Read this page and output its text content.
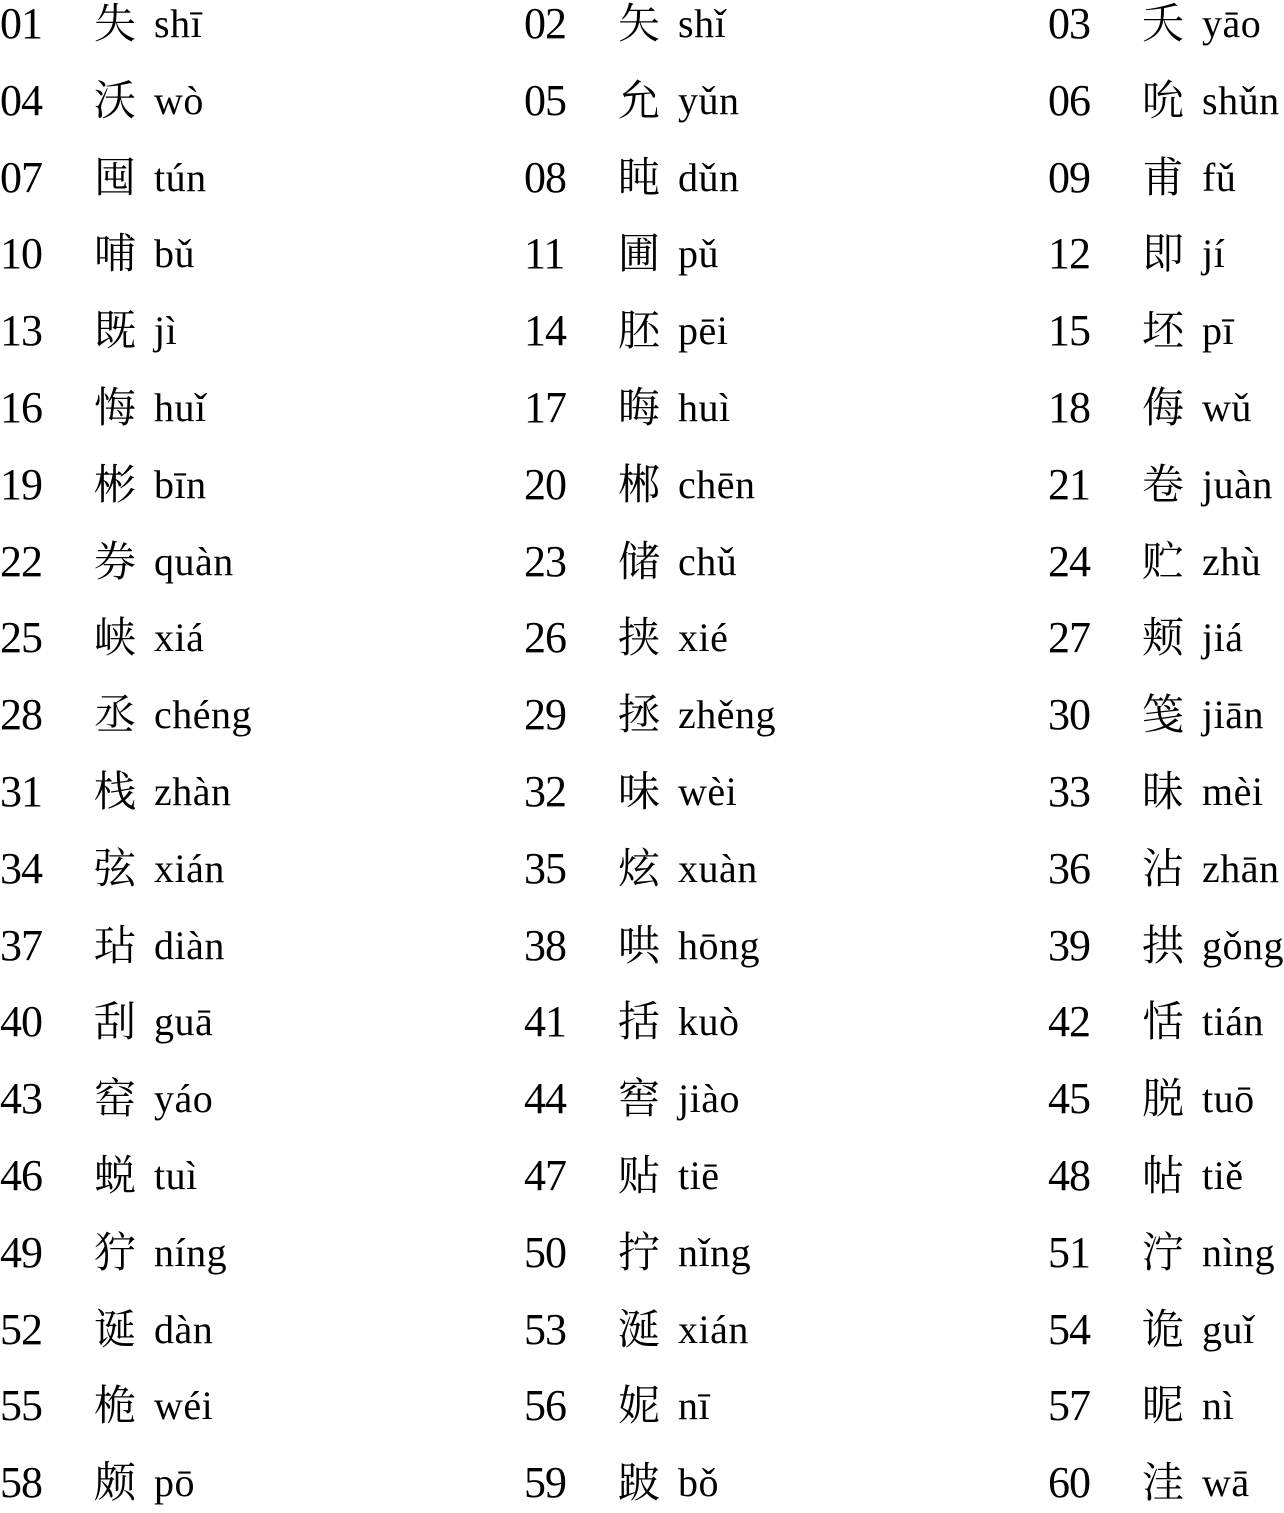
01 失 shī	02 矢 shǐ	03 夭 yāo
04 沃 wò	05 允 yǔn	06 吮 shǔn
07 囤 tún	08 盹 dǔn	09 甫 fǔ
10 哺 bǔ	11 圃 pǔ	12 即 jí
13 既 jì	14 胚 pēi	15 坯 pī
16 悔 huǐ	17 晦 huì	18 侮 wǔ
19 彬 bīn	20 郴 chēn	21 卷 juàn
22 券 quàn	23 储 chǔ	24 贮 zhù
25 峡 xiá	26 挟 xié	27 颊 jiá
28 丞 chéng	29 拯 zhěng	30 笺 jiān
31 栈 zhàn	32 味 wèi	33 昧 mèi
34 弦 xián	35 炫 xuàn	36 沾 zhān
37 玷 diàn	38 哄 hōng	39 拱 gǒng
40 刮 guā	41 括 kuò	42 恬 tián
43 窑 yáo	44 窖 jiào	45 脱 tuō
46 蜕 tuì	47 贴 tiē	48 帖 tiě
49 狞 níng	50 拧 nǐng	51 泞 nìng
52 诞 dàn	53 涎 xián	54 诡 guǐ
55 桅 wéi	56 妮 nī	57 昵 nì
58 颇 pō	59 跛 bǒ	60 洼 wā
